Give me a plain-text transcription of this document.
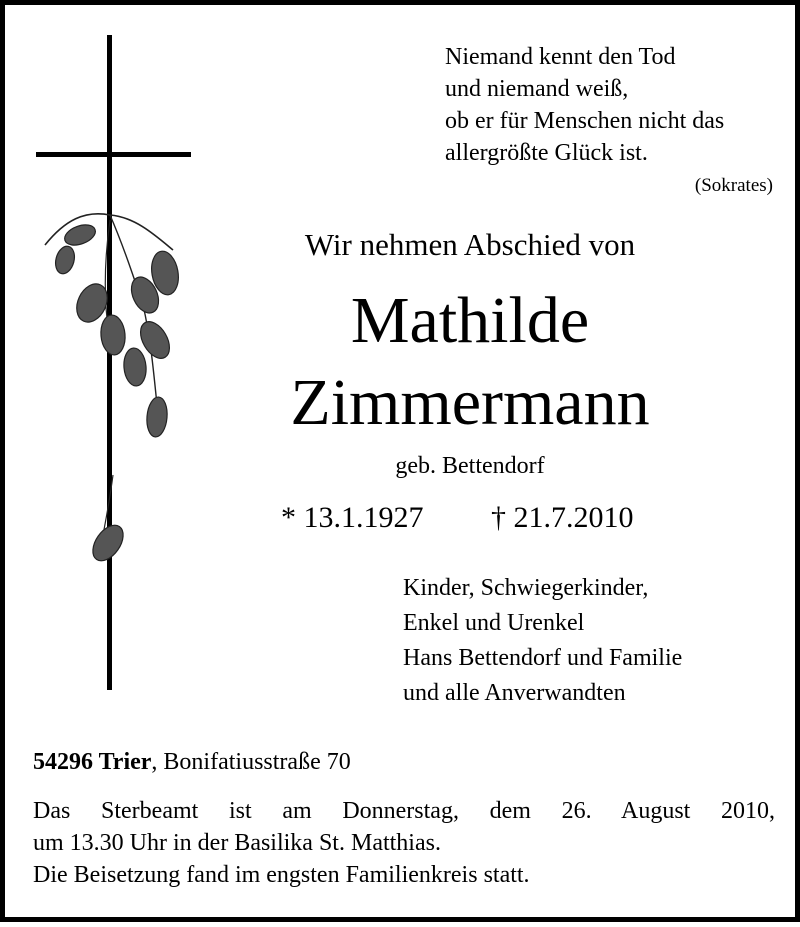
Niemand kennt den Tod
und niemand weiß,
ob er für Menschen nicht das
allergrößte Glück ist.
(Sokrates)
Wir nehmen Abschied von
Mathilde
Zimmermann
geb. Bettendorf
* 13.1.1927 † 21.7.2010
Kinder, Schwiegerkinder,
Enkel und Urenkel
Hans Bettendorf und Familie
und alle Anverwandten
54296 Trier, Bonifatiusstraße 70
Das Sterbeamt ist am Donnerstag, dem 26. August 2010,
um 13.30 Uhr in der Basilika St. Matthias.
Die Beisetzung fand im engsten Familienkreis statt.
